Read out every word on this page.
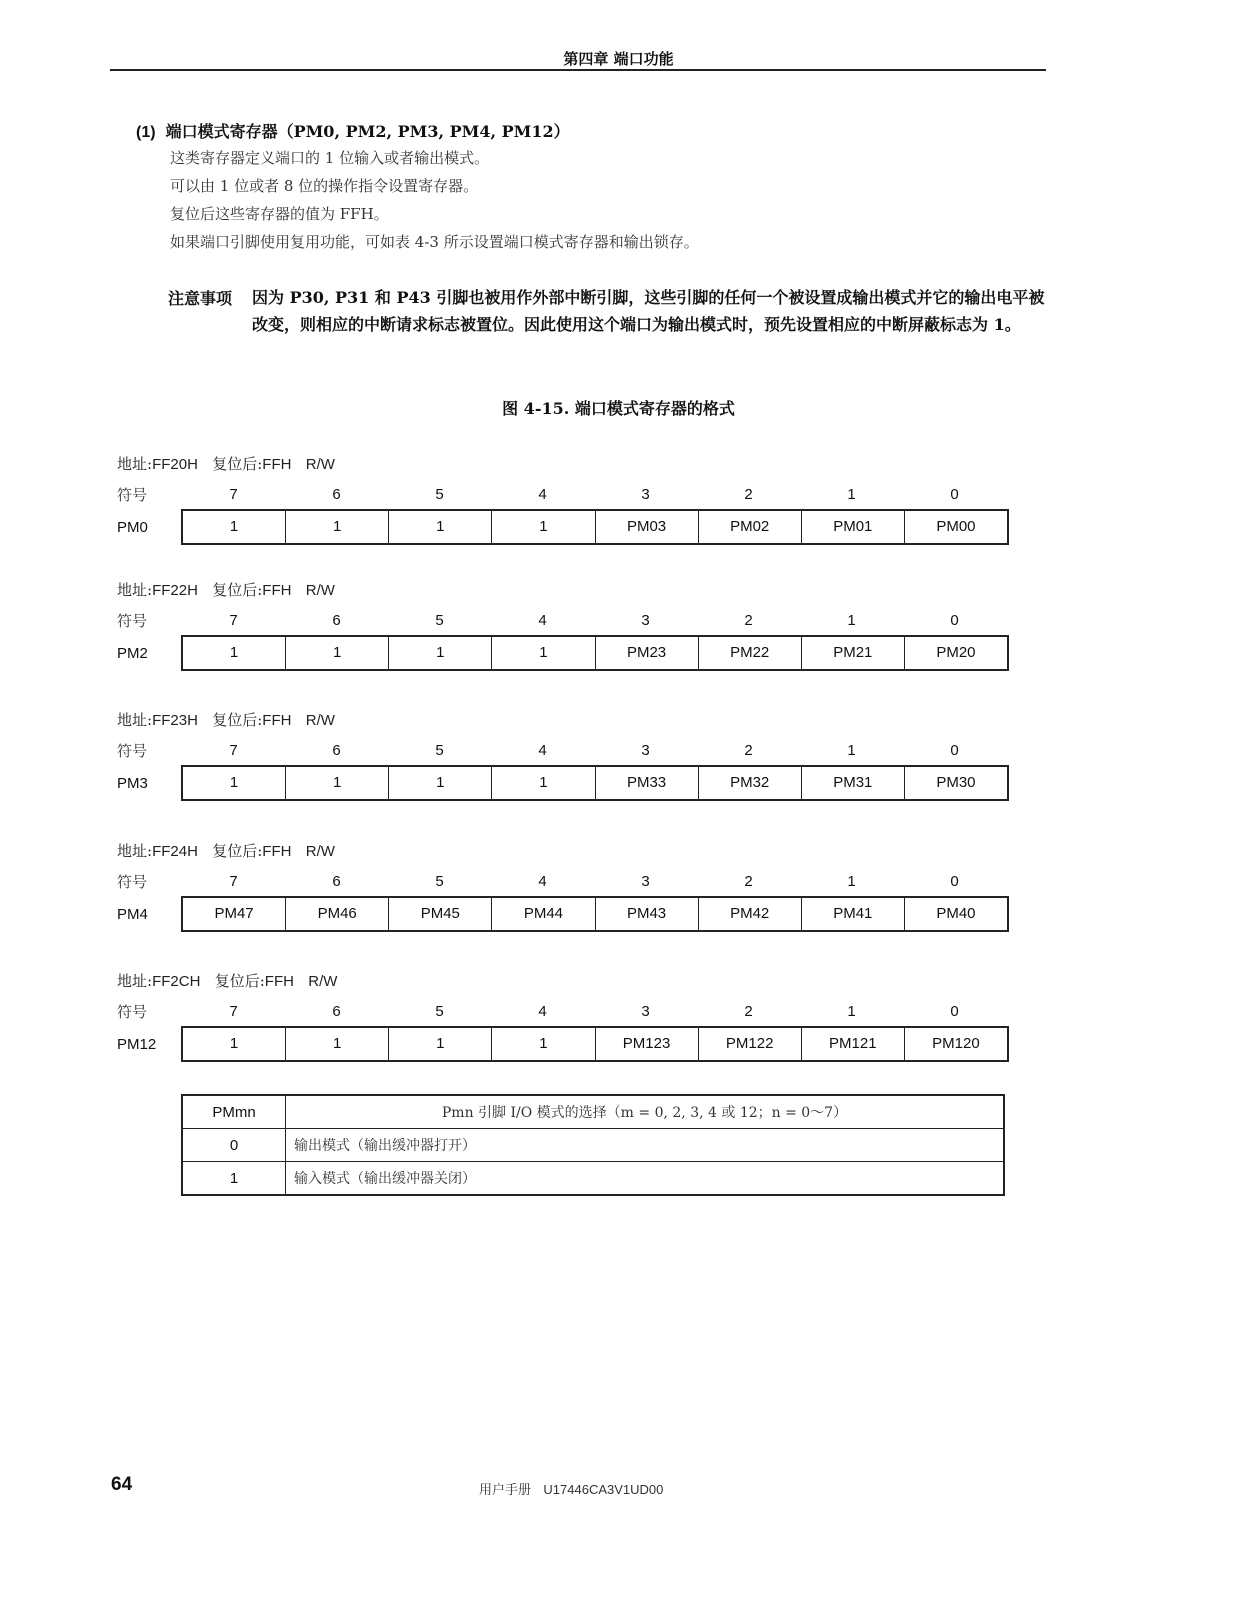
第四章 端口功能
(1) 端口模式寄存器（PM0, PM2, PM3, PM4, PM12）
这类寄存器定义端口的 1 位输入或者输出模式。
可以由 1 位或者 8 位的操作指令设置寄存器。
复位后这些寄存器的值为 FFH。
如果端口引脚使用复用功能，可如表 4-3 所示设置端口模式寄存器和输出锁存。
注意事项 因为 P30, P31 和 P43 引脚也被用作外部中断引脚，这些引脚的任何一个被设置成输出模式并它的输出电平被改变，则相应的中断请求标志被置位。因此使用这个端口为输出模式时，预先设置相应的中断屏蔽标志为 1。
图 4-15. 端口模式寄存器的格式
地址:FF20H 复位后:FFH R/W
符号	7	6	5	4	3	2	1	0
PM0	1	1	1	1	PM03	PM02	PM01	PM00
地址:FF22H 复位后:FFH R/W
符号	7	6	5	4	3	2	1	0
PM2	1	1	1	1	PM23	PM22	PM21	PM20
地址:FF23H 复位后:FFH R/W
符号	7	6	5	4	3	2	1	0
PM3	1	1	1	1	PM33	PM32	PM31	PM30
地址:FF24H 复位后:FFH R/W
符号	7	6	5	4	3	2	1	0
PM4	PM47	PM46	PM45	PM44	PM43	PM42	PM41	PM40
地址:FF2CH 复位后:FFH R/W
符号	7	6	5	4	3	2	1	0
PM12	1	1	1	1	PM123	PM122	PM121	PM120
PMmn	Pmn 引脚 I/O 模式的选择（m = 0, 2, 3, 4 或 12；n = 0～7）
0	输出模式（输出缓冲器打开）
1	输入模式（输出缓冲器关闭）
64	用户手册 U17446CA3V1UD00
